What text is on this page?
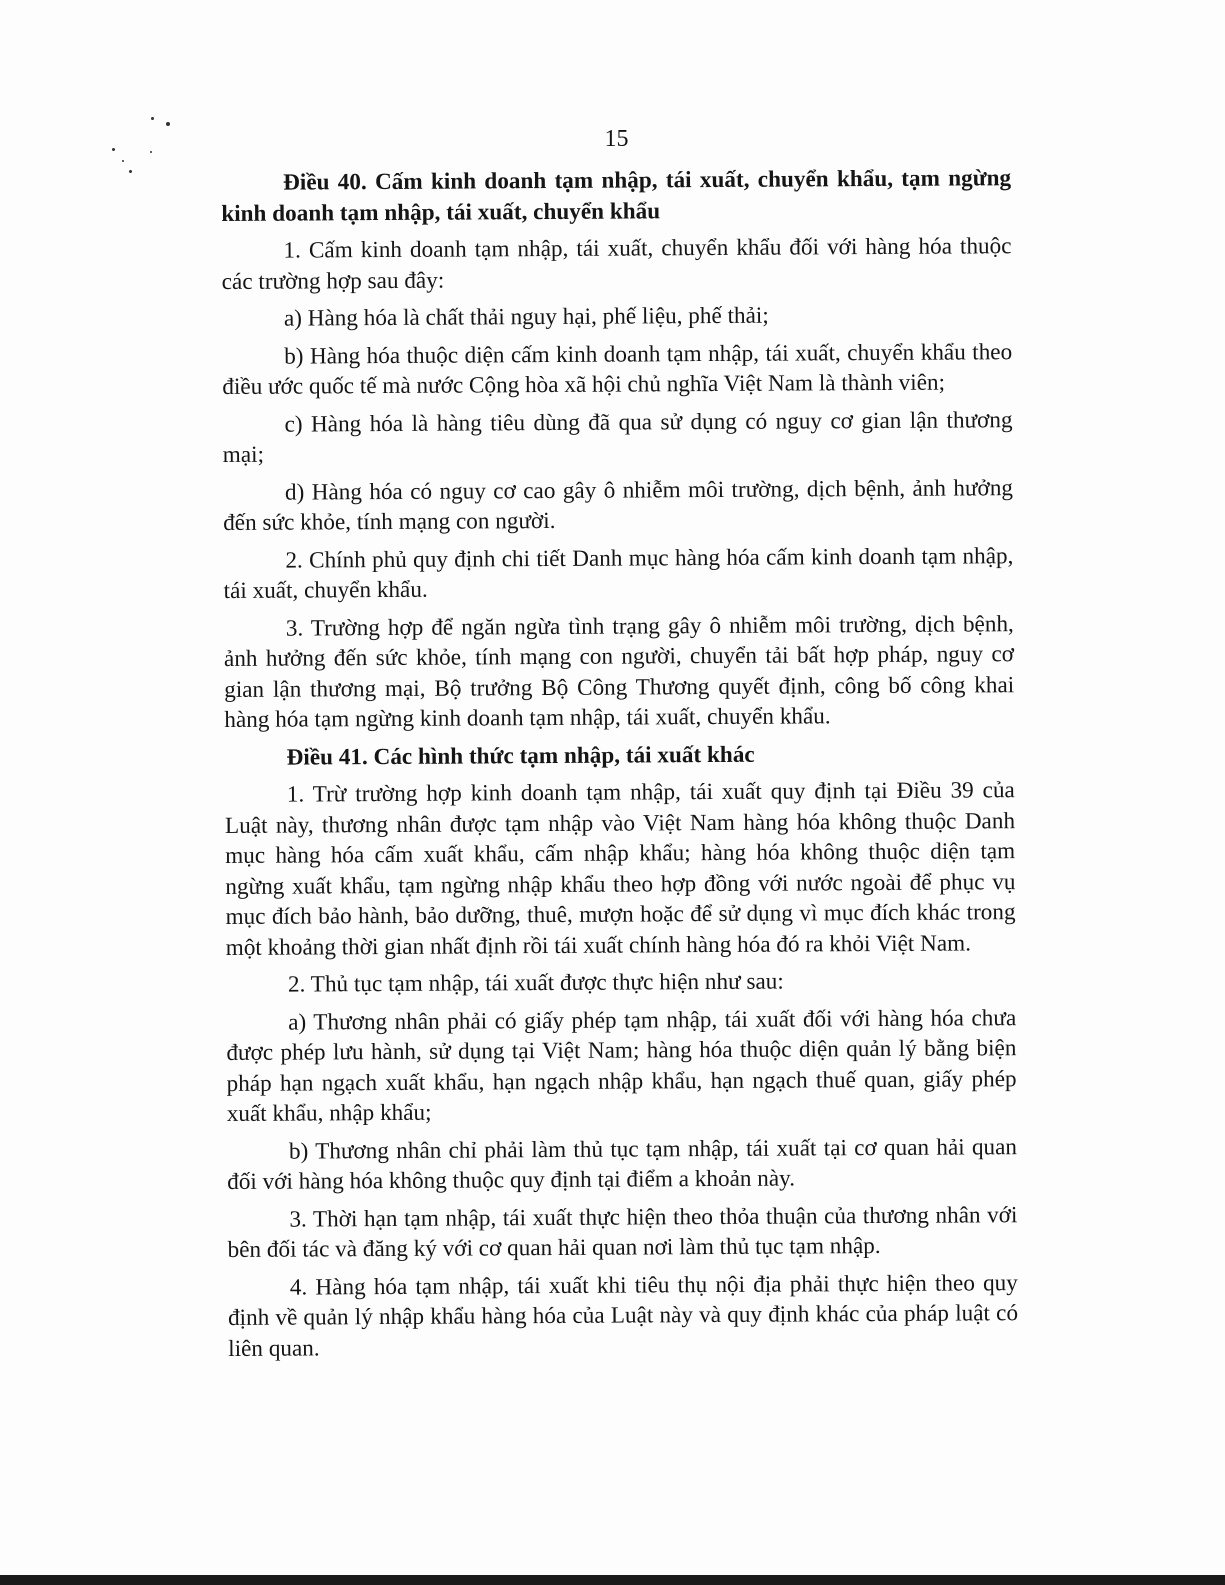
15

Điều 40. Cấm kinh doanh tạm nhập, tái xuất, chuyển khẩu, tạm ngừng kinh doanh tạm nhập, tái xuất, chuyển khẩu

1. Cấm kinh doanh tạm nhập, tái xuất, chuyển khẩu đối với hàng hóa thuộc các trường hợp sau đây:

a) Hàng hóa là chất thải nguy hại, phế liệu, phế thải;

b) Hàng hóa thuộc diện cấm kinh doanh tạm nhập, tái xuất, chuyển khẩu theo điều ước quốc tế mà nước Cộng hòa xã hội chủ nghĩa Việt Nam là thành viên;

c) Hàng hóa là hàng tiêu dùng đã qua sử dụng có nguy cơ gian lận thương mại;

d) Hàng hóa có nguy cơ cao gây ô nhiễm môi trường, dịch bệnh, ảnh hưởng đến sức khỏe, tính mạng con người.

2. Chính phủ quy định chi tiết Danh mục hàng hóa cấm kinh doanh tạm nhập, tái xuất, chuyển khẩu.

3. Trường hợp để ngăn ngừa tình trạng gây ô nhiễm môi trường, dịch bệnh, ảnh hưởng đến sức khỏe, tính mạng con người, chuyển tải bất hợp pháp, nguy cơ gian lận thương mại, Bộ trưởng Bộ Công Thương quyết định, công bố công khai hàng hóa tạm ngừng kinh doanh tạm nhập, tái xuất, chuyển khẩu.

Điều 41. Các hình thức tạm nhập, tái xuất khác

1. Trừ trường hợp kinh doanh tạm nhập, tái xuất quy định tại Điều 39 của Luật này, thương nhân được tạm nhập vào Việt Nam hàng hóa không thuộc Danh mục hàng hóa cấm xuất khẩu, cấm nhập khẩu; hàng hóa không thuộc diện tạm ngừng xuất khẩu, tạm ngừng nhập khẩu theo hợp đồng với nước ngoài để phục vụ mục đích bảo hành, bảo dưỡng, thuê, mượn hoặc để sử dụng vì mục đích khác trong một khoảng thời gian nhất định rồi tái xuất chính hàng hóa đó ra khỏi Việt Nam.

2. Thủ tục tạm nhập, tái xuất được thực hiện như sau:

a) Thương nhân phải có giấy phép tạm nhập, tái xuất đối với hàng hóa chưa được phép lưu hành, sử dụng tại Việt Nam; hàng hóa thuộc diện quản lý bằng biện pháp hạn ngạch xuất khẩu, hạn ngạch nhập khẩu, hạn ngạch thuế quan, giấy phép xuất khẩu, nhập khẩu;

b) Thương nhân chỉ phải làm thủ tục tạm nhập, tái xuất tại cơ quan hải quan đối với hàng hóa không thuộc quy định tại điểm a khoản này.

3. Thời hạn tạm nhập, tái xuất thực hiện theo thỏa thuận của thương nhân với bên đối tác và đăng ký với cơ quan hải quan nơi làm thủ tục tạm nhập.

4. Hàng hóa tạm nhập, tái xuất khi tiêu thụ nội địa phải thực hiện theo quy định về quản lý nhập khẩu hàng hóa của Luật này và quy định khác của pháp luật có liên quan.
